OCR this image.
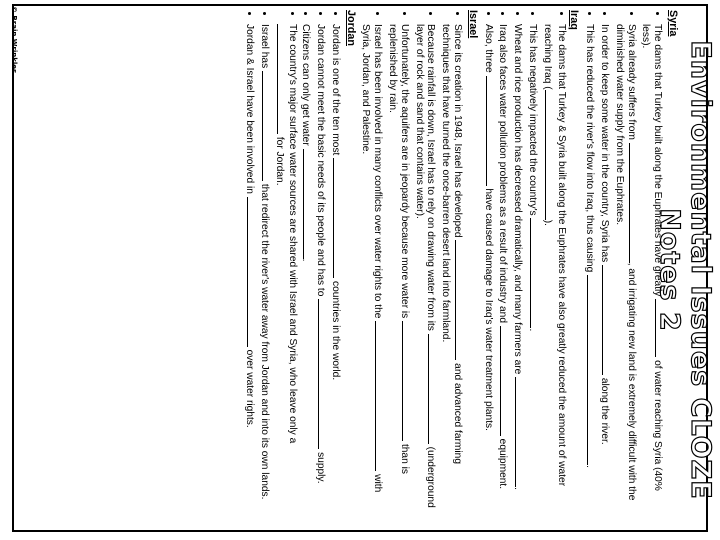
Environmental Issues CLOZE Notes 2
Syria
• The dams that Turkey built along the Euphrates have greatly  of water reaching Syria (40% less).
• Syria already suffers from , and irrigating new land is extremely difficult with the diminished water supply from the Euphrates.
• In order to keep some water in the country, Syria has  along the river.
• This has reduced the river's flow into Iraq, thus causing .
Iraq
• The dams that Turkey & Syria built along the Euphrates have also greatly reduced the amount of water reaching Iraq ().
• This has negatively impacted the country's .
• Wheat and rice production has decreased dramatically, and many farmers are .
• Iraq also faces water pollution problems as a result of industry and  equipment.
• Also, three  have caused damage to Iraq's water treatment plants.
Israel
• Since its creation in 1948, Israel has developed  and advanced farming techniques that have turned the once-barren desert land into farmland.
• Because rainfall is down, Israel has to rely on drawing water from its  (underground layer of rock and sand that contains water).
• Unfortunately, the aquifers are in jeopardy because more water is  than is replenished by rain.
• Israel has been involved in many conflicts over water rights to the  with Syria, Jordan, and Palestine.
Jordan
• Jordan is one of the ten most  countries in the world.
• Jordan cannot meet the basic needs of its people and has to  supply.
• Citizens can only get water .
• The country's major surface water sources are shared with Israel and Syria, who leave only a  for Jordan.
• Israel has  that redirect the river's water away from Jordan and into its own lands.
• Jordan & Israel have been involved in  over water rights.
© Brain Wrinkles
